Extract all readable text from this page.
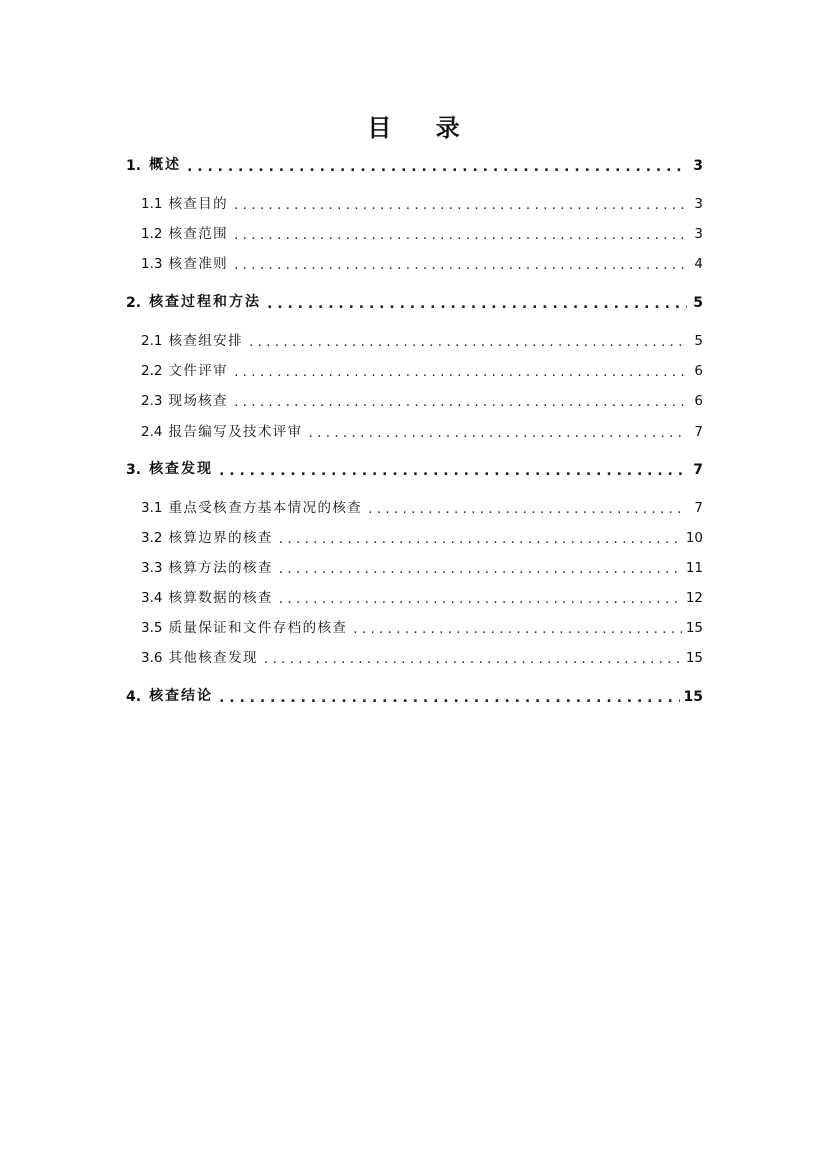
目 录
1. 概述 . . .	3
1.1 核查目的 . . .	3
1.2 核查范围 . . .	3
1.3 核查准则 . . .	4
2. 核查过程和方法 . . .	5
2.1 核查组安排 . . .	5
2.2 文件评审 . . .	6
2.3 现场核查 . . .	6
2.4 报告编写及技术评审 . . .	7
3. 核查发现 . . .	7
3.1 重点受核查方基本情况的核查 . . .	7
3.2 核算边界的核查 . . .	10
3.3 核算方法的核查 . . .	11
3.4 核算数据的核查 . . .	12
3.5 质量保证和文件存档的核查 . . .	15
3.6 其他核查发现 . . .	15
4. 核查结论 . . .	15
